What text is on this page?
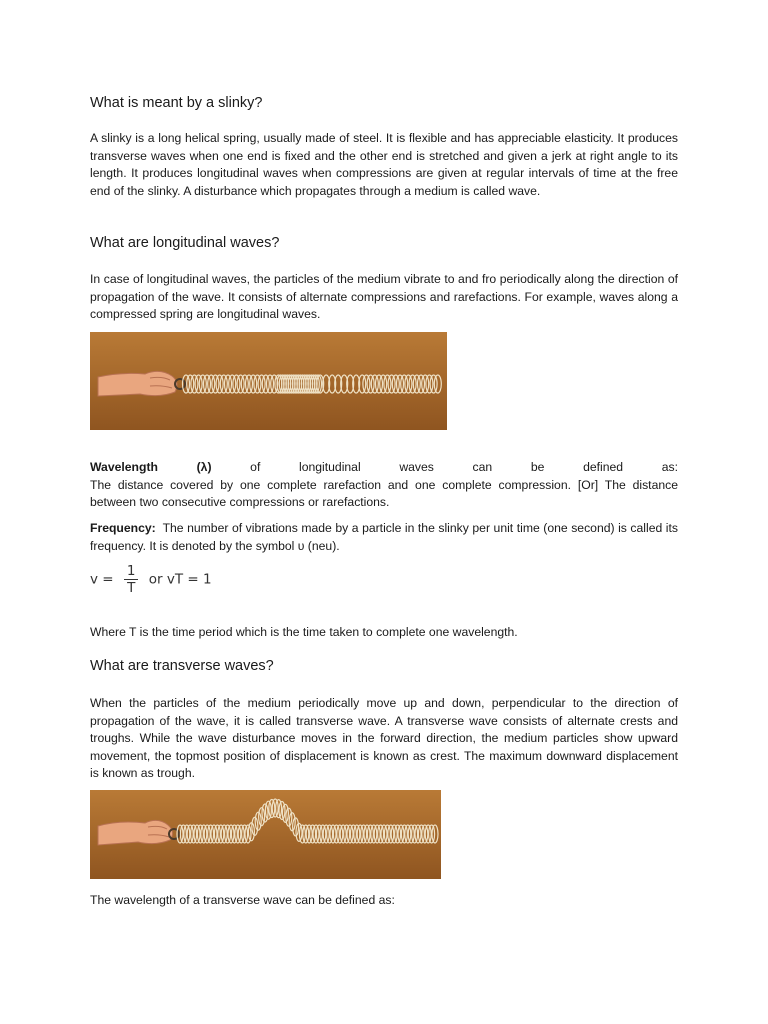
What is meant by a slinky?

A slinky is a long helical spring, usually made of steel. It is flexible and has appreciable elasticity. It produces transverse waves when one end is fixed and the other end is stretched and given a jerk at right angle to its length. It produces longitudinal waves when compressions are given at regular intervals of time at the free end of the slinky. A disturbance which propagates through a medium is called wave.

What are longitudinal waves?

In case of longitudinal waves, the particles of the medium vibrate to and fro periodically along the direction of propagation of the wave. It consists of alternate compressions and rarefactions. For example, waves along a compressed spring are longitudinal waves.

Wavelength	(λ)	of	longitudinal	waves	can	be	defined	as:
The distance covered by one complete rarefaction and one complete compression. [Or] The distance between two consecutive compressions or rarefactions.

Frequency: The number of vibrations made by a particle in the slinky per unit time (one second) is called its frequency. It is denoted by the symbol υ (neu).

$v = \frac{1}{T}$ or vT = 1

Where T is the time period which is the time taken to complete one wavelength.

What are transverse waves?

When the particles of the medium periodically move up and down, perpendicular to the direction of propagation of the wave, it is called transverse wave. A transverse wave consists of alternate crests and troughs. While the wave disturbance moves in the forward direction, the medium particles show upward movement, the topmost position of displacement is known as crest. The maximum downward displacement is known as trough.

The wavelength of a transverse wave can be defined as:
